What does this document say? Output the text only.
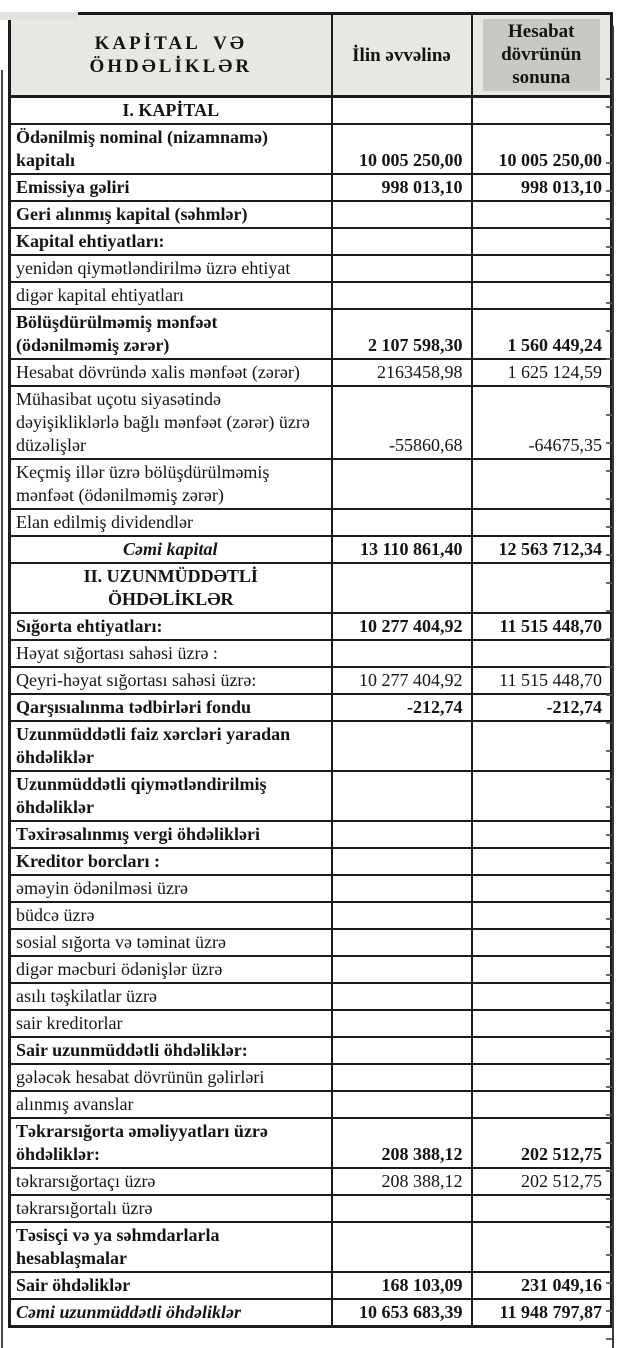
KAPİTAL VƏ ÖHDƏLİKLƏR	İlin əvvəlinə	Hesabat dövrünün sonuna

I. KAPİTAL		
Ödənilmiş nominal (nizamnamə) kapitalı	10 005 250,00	10 005 250,00
Emissiya gəliri	998 013,10	998 013,10
Geri alınmış kapital (səhmlər)		
Kapital ehtiyatları:		
yenidən qiymətləndirilmə üzrə ehtiyat		
digər kapital ehtiyatları		
Bölüşdürülməmiş mənfəət (ödənilməmiş zərər)	2 107 598,30	1 560 449,24
Hesabat dövründə xalis mənfəət (zərər)	2163458,98	1 625 124,59
Mühasibat uçotu siyasətində dəyişikliklərlə bağlı mənfəət (zərər) üzrə düzəlişlər	-55860,68	-64675,35
Keçmiş illər üzrə bölüşdürülməmiş mənfəət (ödənilməmiş zərər)		
Elan edilmiş dividendlər		
Cəmi kapital	13 110 861,40	12 563 712,34
II. UZUNMÜDDƏTLİ ÖHDƏLİKLƏR		
Sığorta ehtiyatları:	10 277 404,92	11 515 448,70
Həyat sığortası sahəsi üzrə :		
Qeyri-həyat sığortası sahəsi üzrə:	10 277 404,92	11 515 448,70
Qarşısıalınma tədbirləri fondu	-212,74	-212,74
Uzunmüddətli faiz xərcləri yaradan öhdəliklər		
Uzunmüddətli qiymətləndirilmiş öhdəliklər		
Təxirəsalınmış vergi öhdəlikləri		
Kreditor borcları :		
əməyin ödənilməsi üzrə		
büdcə üzrə		
sosial sığorta və təminat üzrə		
digər məcburi ödənişlər üzrə		
asılı təşkilatlar üzrə		
sair kreditorlar		
Sair uzunmüddətli öhdəliklər:		
gələcək hesabat dövrünün gəlirləri		
alınmış avanslar		
Təkrarsığorta əməliyyatları üzrə öhdəliklər:	208 388,12	202 512,75
təkrarsığortaçı üzrə	208 388,12	202 512,75
təkrarsığortalı üzrə		
Təsisçi və ya səhmdarlarla hesablaşmalar		
Sair öhdəliklər	168 103,09	231 049,16
Cəmi uzunmüddətli öhdəliklər	10 653 683,39	11 948 797,87
